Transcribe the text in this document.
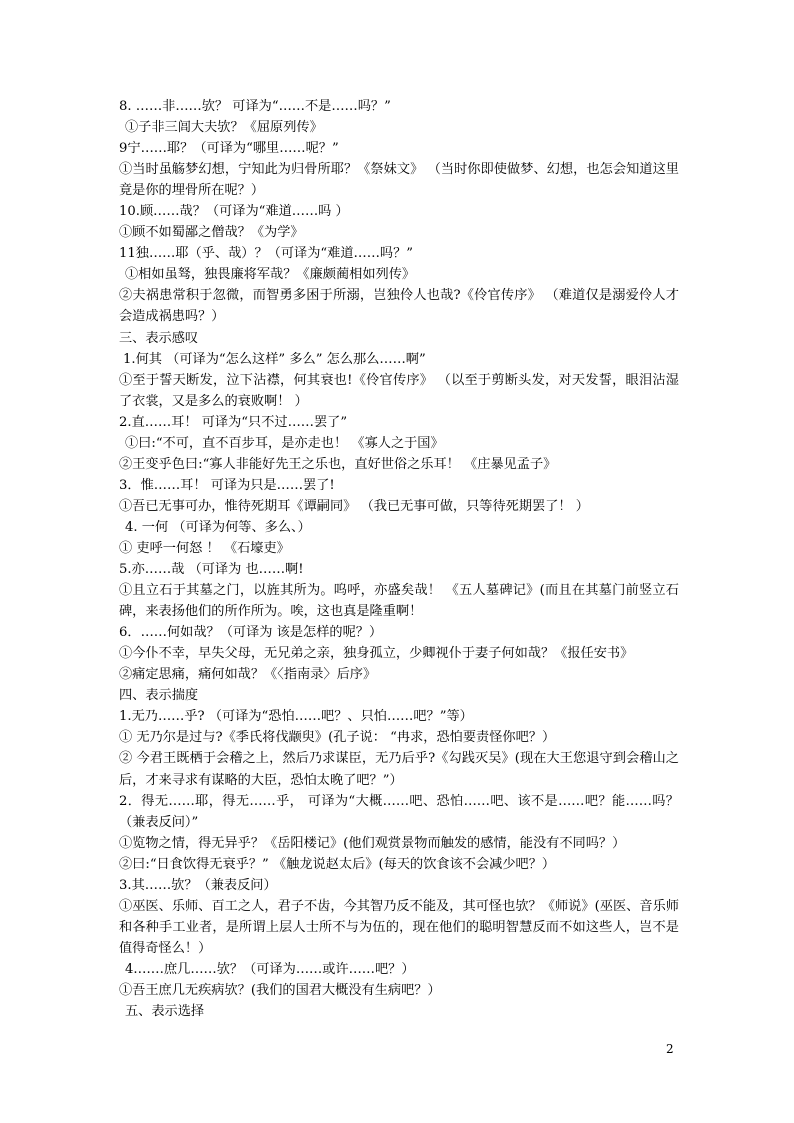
8. ……非……欤？ 可译为“……不是……吗？”
①子非三闾大夫欤？《屈原列传》
9宁……耶？（可译为“哪里……呢？”
①当时虽觞梦幻想，宁知此为归骨所耶？《祭妹文》 （当时你即使做梦、幻想，也怎会知道这里竟是你的埋骨所在呢？）
10.顾……哉？（可译为“难道……吗 ）
①顾不如蜀鄙之僧哉？《为学》
11独……耶（乎、哉）？（可译为“难道……吗？”
①相如虽驽，独畏廉将军哉？《廉颇蔺相如列传》
②夫祸患常积于忽微，而智勇多困于所溺，岂独伶人也哉?《伶官传序》 （难道仅是溺爱伶人才会造成祸患吗？）
三、表示感叹
1.何其 （可译为“怎么这样” 多么” 怎么那么……啊”
①至于誓天断发，泣下沾襟，何其衰也!《伶官传序》 （以至于剪断头发，对天发誓，眼泪沾湿了衣裳，又是多么的衰败啊！ ）
2.直……耳！ 可译为“只不过……罢了”
①曰:“不可，直不百步耳，是亦走也！ 《寡人之于国》
②王变乎色曰:“寡人非能好先王之乐也，直好世俗之乐耳！ 《庄暴见孟子》
3．惟……耳！ 可译为只是……罢了!
①吾已无事可办，惟待死期耳《谭嗣同》 （我已无事可做，只等待死期罢了！ ）
4. 一何 （可译为何等、多么、）
① 吏呼一何怒 ！ 《石壕吏》
5.亦……哉 （可译为 也……啊!
①且立石于其墓之门，以旌其所为。呜呼，亦盛矣哉！ 《五人墓碑记》(而且在其墓门前竖立石碑，来表扬他们的所作所为。唉，这也真是隆重啊！
6．……何如哉？（可译为 该是怎样的呢？）
①今仆不幸，早失父母，无兄弟之亲，独身孤立，少卿视仆于妻子何如哉？《报任安书》
②痛定思痛，痛何如哉？《〈指南录〉后序》
四、表示揣度
1.无乃……乎? （可译为“恐怕……吧？、只怕……吧？”等）
① 无乃尔是过与?《季氏将伐颛臾》(孔子说： “冉求，恐怕要责怪你吧？）
② 今君王既栖于会稽之上，然后乃求谋臣，无乃后乎?《勾践灭吴》(现在大王您退守到会稽山之后，才来寻求有谋略的大臣，恐怕太晚了吧？”）
2．得无……耶，得无……乎， 可译为“大概……吧、恐怕……吧、该不是……吧？能……吗？（兼表反问）”
①览物之情，得无异乎？《岳阳楼记》(他们观赏景物而触发的感情，能没有不同吗？）
②曰:“日食饮得无衰乎？” 《触龙说赵太后》(每天的饮食该不会减少吧？）
3.其……欤？（兼表反问）
①巫医、乐师、百工之人，君子不齿，今其智乃反不能及，其可怪也欤？《师说》(巫医、音乐师和各种手工业者，是所谓上层人士所不与为伍的，现在他们的聪明智慧反而不如这些人，岂不是值得奇怪么！）
4.……庶几……欤？（可译为……或许……吧？）
①吾王庶几无疾病欤？(我们的国君大概没有生病吧？）
五、表示选择
2
